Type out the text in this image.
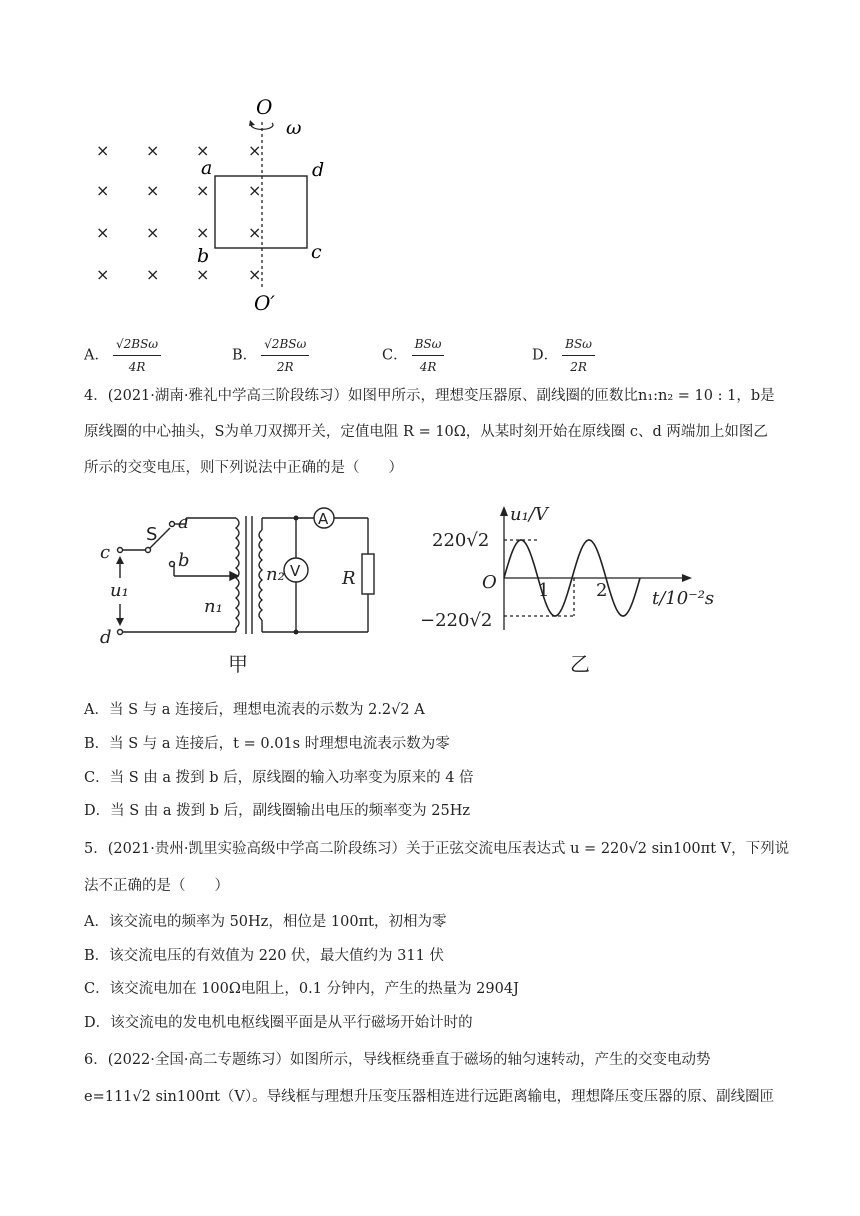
× × × ×
× × × ×
× × × ×
× × × ×
O
ω
a	d
b	c
O′
A． $\frac{\text{√2BSω}}{4R}$	B． $\frac{\text{√2BSω}}{2R}$	C． $\frac{\text{BSω}}{4R}$	D． $\frac{\text{BSω}}{2R}$
4．(2021·湖南·雅礼中学高三阶段练习）如图甲所示，理想变压器原、副线圈的匝数比n₁:n₂ = 10 : 1，b是
原线圈的中心抽头，S为单刀双掷开关，定值电阻 R = 10Ω，从某时刻开始在原线圈 c、d 两端加上如图乙
所示的交变电压，则下列说法中正确的是（　　）
c
d
S
a
b
u₁
n₁
n₂
A
V R
甲
u₁/V
220√2
−220√2
O 1	2 t/10⁻²s
乙
A．当 S 与 a 连接后，理想电流表的示数为 2.2√2 A
B．当 S 与 a 连接后，t = 0.01s 时理想电流表示数为零
C．当 S 由 a 拨到 b 后，原线圈的输入功率变为原来的 4 倍
D．当 S 由 a 拨到 b 后，副线圈输出电压的频率变为 25Hz
5．(2021·贵州·凯里实验高级中学高二阶段练习）关于正弦交流电压表达式 u = 220√2 sin100πt V，下列说
法不正确的是（　　）
A．该交流电的频率为 50Hz，相位是 100πt，初相为零
B．该交流电压的有效值为 220 伏，最大值约为 311 伏
C．该交流电加在 100Ω电阻上，0.1 分钟内，产生的热量为 2904J
D．该交流电的发电机电枢线圈平面是从平行磁场开始计时的
6．(2022·全国·高二专题练习）如图所示，导线框绕垂直于磁场的轴匀速转动，产生的交变电动势
e=111√2 sin100πt（V）。导线框与理想升压变压器相连进行远距离输电，理想降压变压器的原、副线圈匝
